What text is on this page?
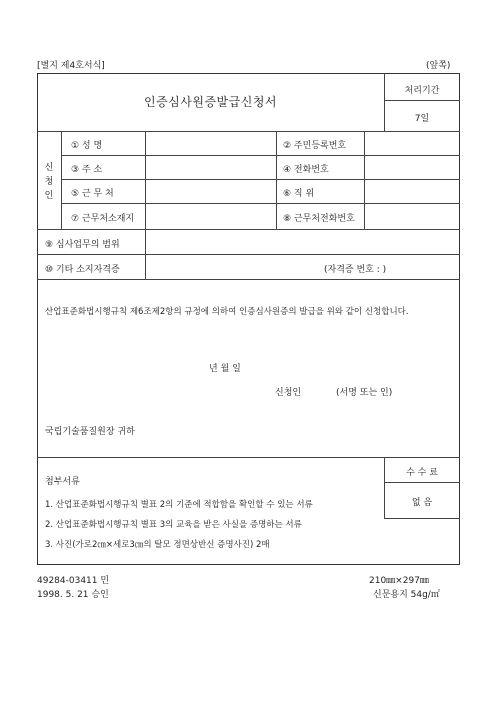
[별지 제4호서식]	(앞쪽)
인증심사원증발급신청서
처리기간
7일
신
청
인
① 성 명	② 주민등록번호
③ 주 소	④ 전화번호
⑤ 근 무 처	⑥ 직 위
⑦ 근무처소재지	⑧ 근무처전화번호
⑨ 심사업무의 범위
⑩ 기타 소지자격증	(자격증 번호 : )
산업표준화법시행규칙 제6조제2항의 규정에 의하여 인증심사원증의 발급을 위와 같이 신청합니다.
년 월 일
신청인	(서명 또는 인)
국립기술품질원장 귀하
첨부서류
1. 산업표준화법시행규칙 별표 2의 기준에 적합함을 확인할 수 있는 서류
2. 산업표준화법시행규칙 별표 3의 교육을 받은 사실을 증명하는 서류
3. 사진(가로2㎝×세로3㎝의 탈모 정면상반신 증명사진) 2매
수 수 료
없 음
49284-03411 민
1998. 5. 21 승인
210㎜×297㎜
신문용지 54g/㎡
